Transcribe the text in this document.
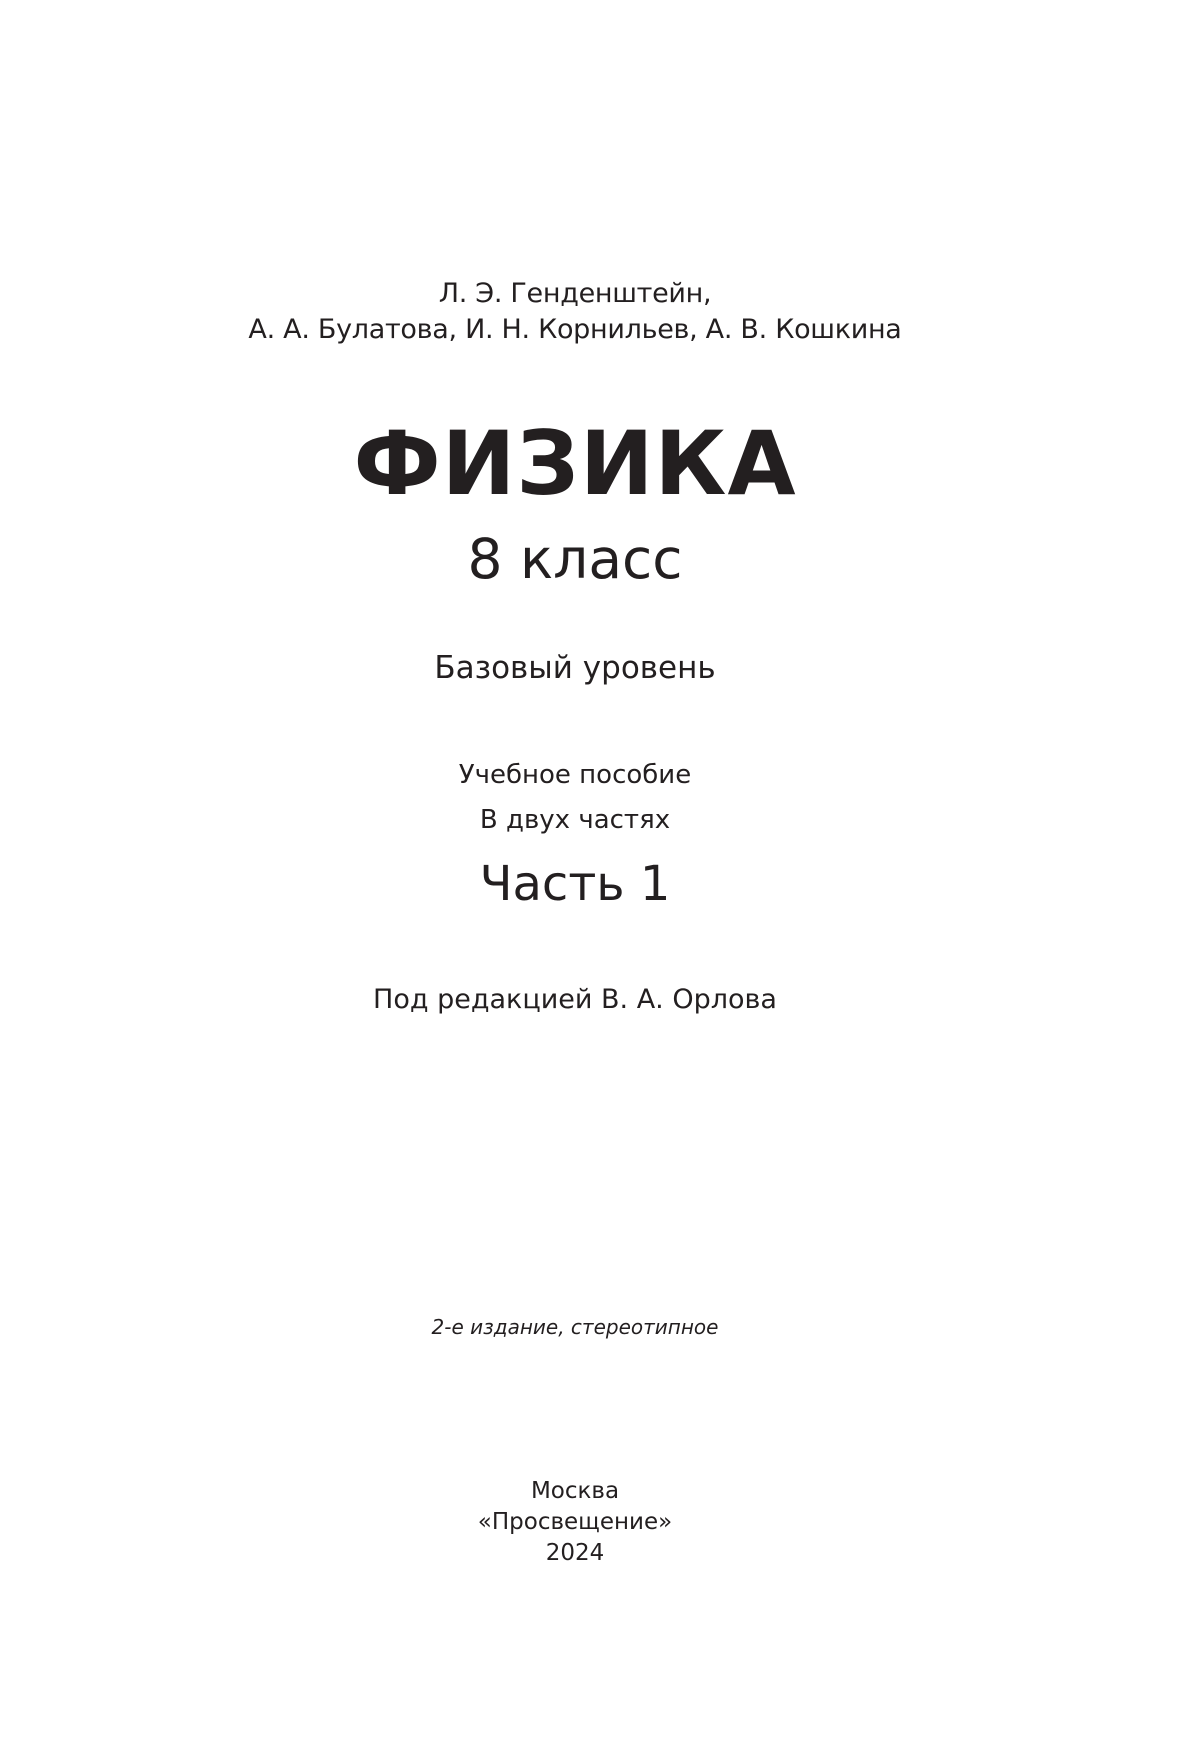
Л. Э. Генденштейн,
А. А. Булатова, И. Н. Корнильев, А. В. Кошкина
ФИЗИКА
8 класс
Базовый уровень
Учебное пособие
В двух частях
Часть 1
Под редакцией В. А. Орлова
2-е издание, стереотипное
Москва
«Просвещение»
2024
